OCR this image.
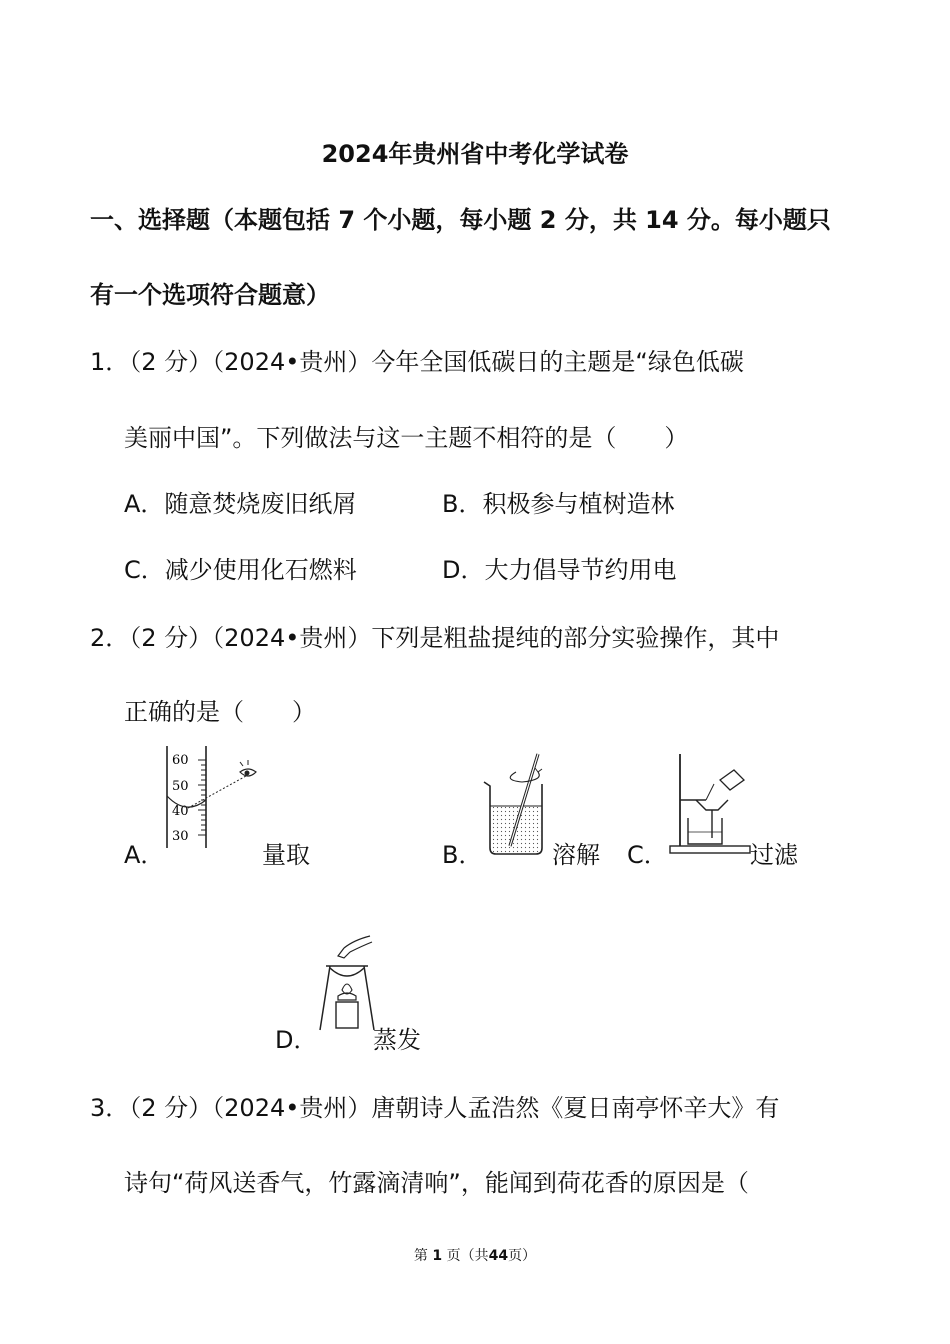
2024年贵州省中考化学试卷
一、选择题（本题包括 7 个小题，每小题 2 分，共 14 分。每小题只
有一个选项符合题意）
1．（2 分）（2024•贵州）今年全国低碳日的主题是“绿色低碳
美丽中国”。下列做法与这一主题不相符的是（　　）
A．随意焚烧废旧纸屑	B．积极参与植树造林
C．减少使用化石燃料	D．大力倡导节约用电
2．（2 分）（2024•贵州）下列是粗盐提纯的部分实验操作，其中
正确的是（　　）
A．
60
50
40
30
量取	B．	溶解 C．	过滤
D． 蒸发
3．（2 分）（2024•贵州）唐朝诗人孟浩然《夏日南亭怀辛大》有
诗句“荷风送香气，竹露滴清响”，能闻到荷花香的原因是（
第 1 页（共44页）
